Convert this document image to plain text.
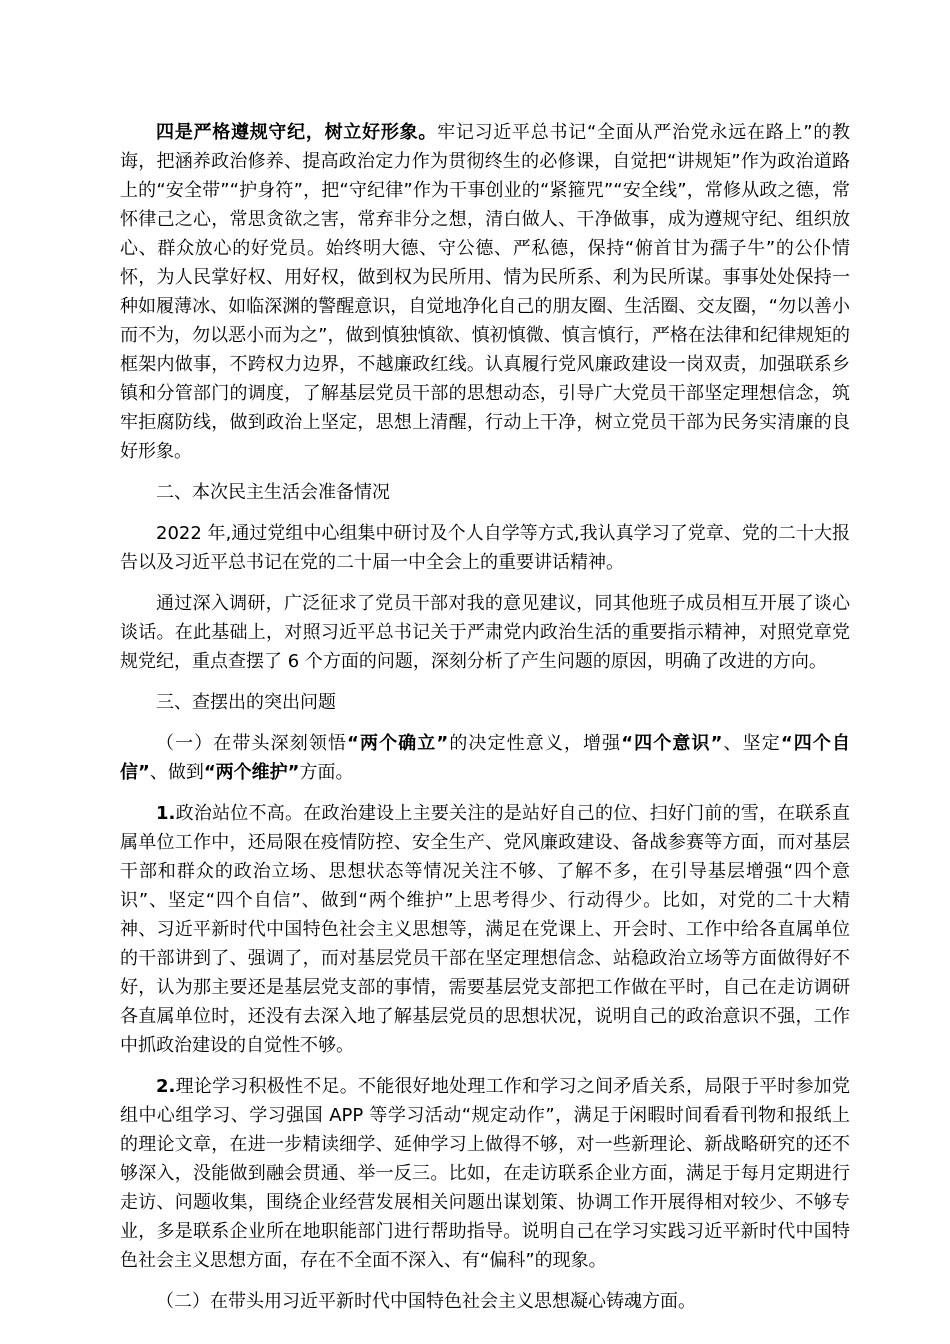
四是严格遵规守纪，树立好形象。牢记习近平总书记“全面从严治党永远在路上”的教诲，把涵养政治修养、提高政治定力作为贯彻终生的必修课，自觉把“讲规矩”作为政治道路上的“安全带”“护身符”，把“守纪律”作为干事创业的“紧箍咒”“安全线”，常修从政之德，常怀律己之心，常思贪欲之害，常弃非分之想，清白做人、干净做事，成为遵规守纪、组织放心、群众放心的好党员。始终明大德、守公德、严私德，保持“俯首甘为孺子牛”的公仆情怀，为人民掌好权、用好权，做到权为民所用、情为民所系、利为民所谋。事事处处保持一种如履薄冰、如临深渊的警醒意识，自觉地净化自己的朋友圈、生活圈、交友圈，“勿以善小而不为，勿以恶小而为之”，做到慎独慎欲、慎初慎微、慎言慎行，严格在法律和纪律规矩的框架内做事，不跨权力边界，不越廉政红线。认真履行党风廉政建设一岗双责，加强联系乡镇和分管部门的调度，了解基层党员干部的思想动态，引导广大党员干部坚定理想信念，筑牢拒腐防线，做到政治上坚定，思想上清醒，行动上干净，树立党员干部为民务实清廉的良好形象。

二、本次民主生活会准备情况

2022 年,通过党组中心组集中研讨及个人自学等方式,我认真学习了党章、党的二十大报告以及习近平总书记在党的二十届一中全会上的重要讲话精神。

通过深入调研，广泛征求了党员干部对我的意见建议，同其他班子成员相互开展了谈心谈话。在此基础上，对照习近平总书记关于严肃党内政治生活的重要指示精神，对照党章党规党纪，重点查摆了 6 个方面的问题，深刻分析了产生问题的原因，明确了改进的方向。

三、查摆出的突出问题

（一）在带头深刻领悟“两个确立”的决定性意义，增强“四个意识”、坚定“四个自信”、做到“两个维护”方面。

1.政治站位不高。在政治建设上主要关注的是站好自己的位、扫好门前的雪，在联系直属单位工作中，还局限在疫情防控、安全生产、党风廉政建设、备战参赛等方面，而对基层干部和群众的政治立场、思想状态等情况关注不够、了解不多，在引导基层增强“四个意识”、坚定“四个自信”、做到“两个维护”上思考得少、行动得少。比如，对党的二十大精神、习近平新时代中国特色社会主义思想等，满足在党课上、开会时、工作中给各直属单位的干部讲到了、强调了，而对基层党员干部在坚定理想信念、站稳政治立场等方面做得好不好，认为那主要还是基层党支部的事情，需要基层党支部把工作做在平时，自己在走访调研各直属单位时，还没有去深入地了解基层党员的思想状况，说明自己的政治意识不强，工作中抓政治建设的自觉性不够。

2.理论学习积极性不足。不能很好地处理工作和学习之间矛盾关系，局限于平时参加党组中心组学习、学习强国 APP 等学习活动“规定动作”，满足于闲暇时间看看刊物和报纸上的理论文章，在进一步精读细学、延伸学习上做得不够，对一些新理论、新战略研究的还不够深入，没能做到融会贯通、举一反三。比如，在走访联系企业方面，满足于每月定期进行走访、问题收集，围绕企业经营发展相关问题出谋划策、协调工作开展得相对较少、不够专业，多是联系企业所在地职能部门进行帮助指导。说明自己在学习实践习近平新时代中国特色社会主义思想方面，存在不全面不深入、有“偏科”的现象。

（二）在带头用习近平新时代中国特色社会主义思想凝心铸魂方面。
